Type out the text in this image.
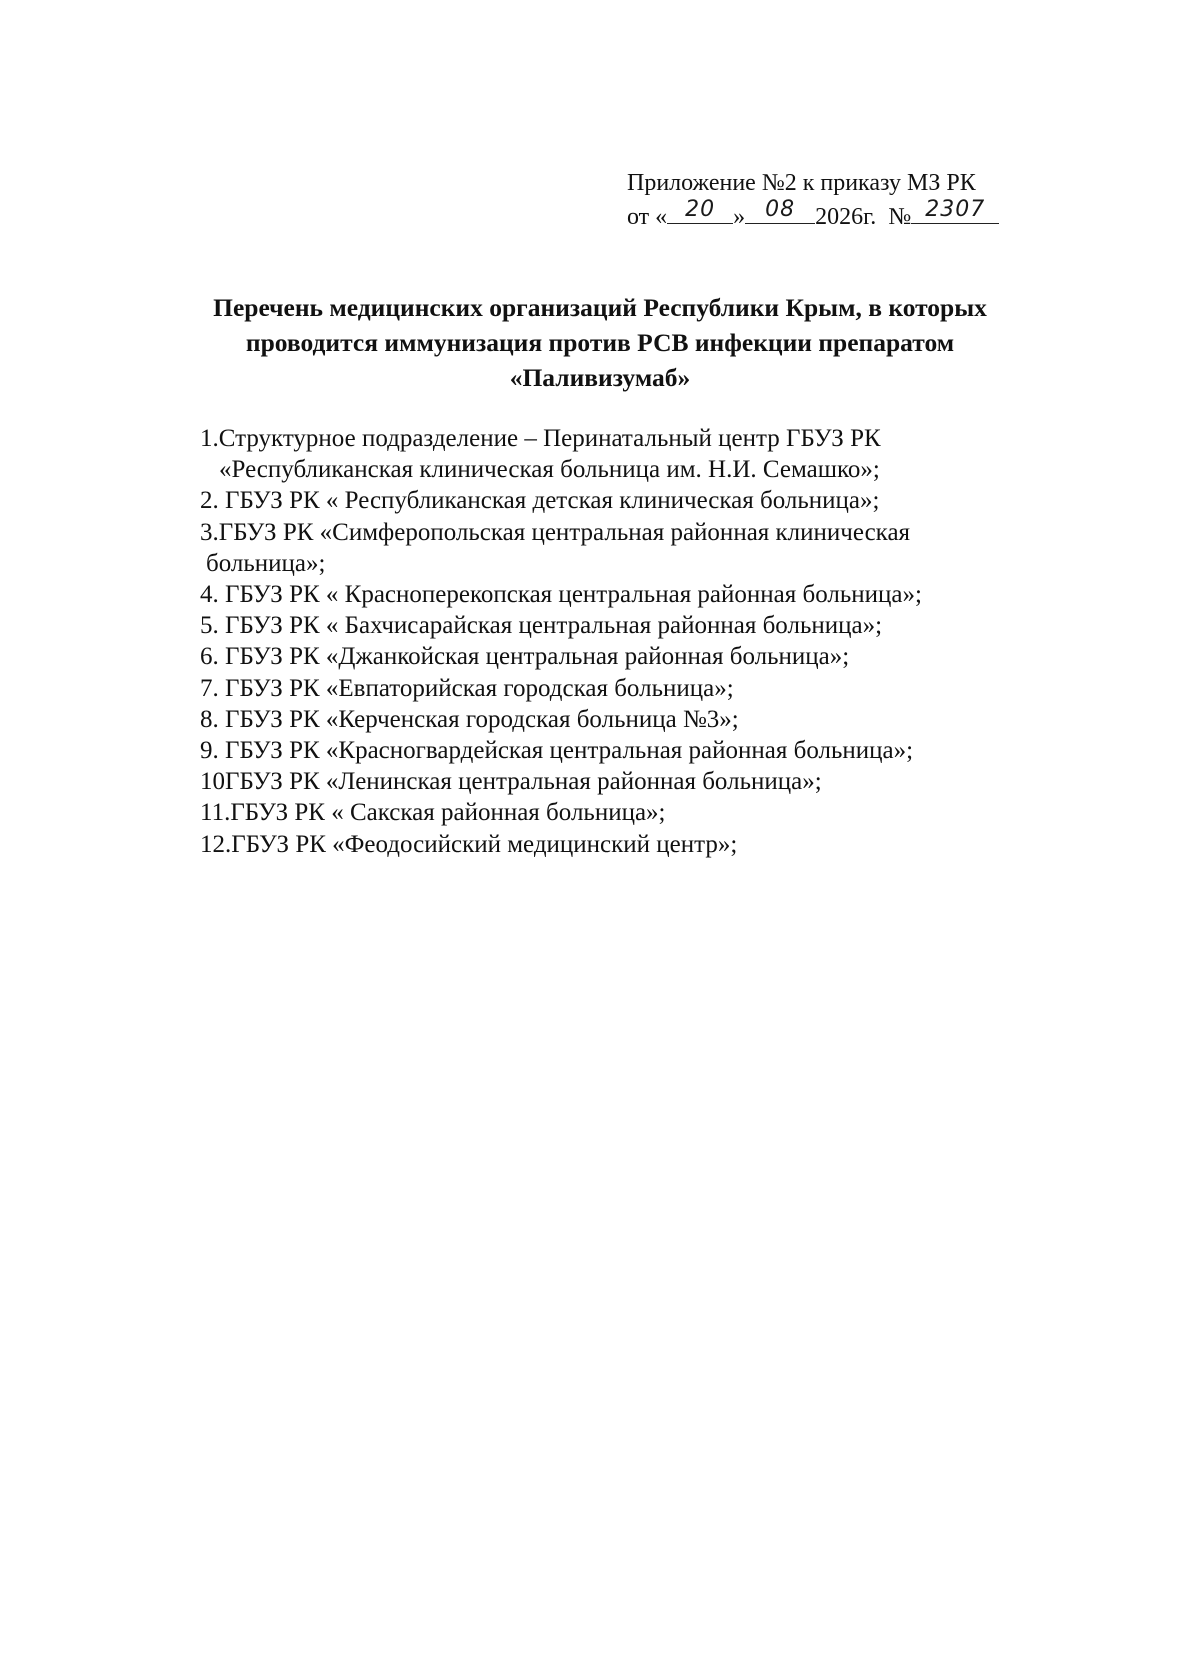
Приложение №2 к приказу МЗ РК
от « 20 » 08 2026г. № 2307
Перечень медицинских организаций Республики Крым, в которых
проводится иммунизация против РСВ инфекции препаратом
«Паливизумаб»
1.Структурное подразделение – Перинатальный центр ГБУЗ РК
«Республиканская клиническая больница им. Н.И. Семашко»;
2. ГБУЗ РК « Республиканская детская клиническая больница»;
3.ГБУЗ РК «Симферопольская центральная районная клиническая
больница»;
4. ГБУЗ РК « Красноперекопская центральная районная больница»;
5. ГБУЗ РК « Бахчисарайская центральная районная больница»;
6. ГБУЗ РК «Джанкойская центральная районная больница»;
7. ГБУЗ РК «Евпаторийская городская больница»;
8. ГБУЗ РК «Керченская городская больница №3»;
9. ГБУЗ РК «Красногвардейская центральная районная больница»;
10ГБУЗ РК «Ленинская центральная районная больница»;
11.ГБУЗ РК « Сакская районная больница»;
12.ГБУЗ РК «Феодосийский медицинский центр»;
